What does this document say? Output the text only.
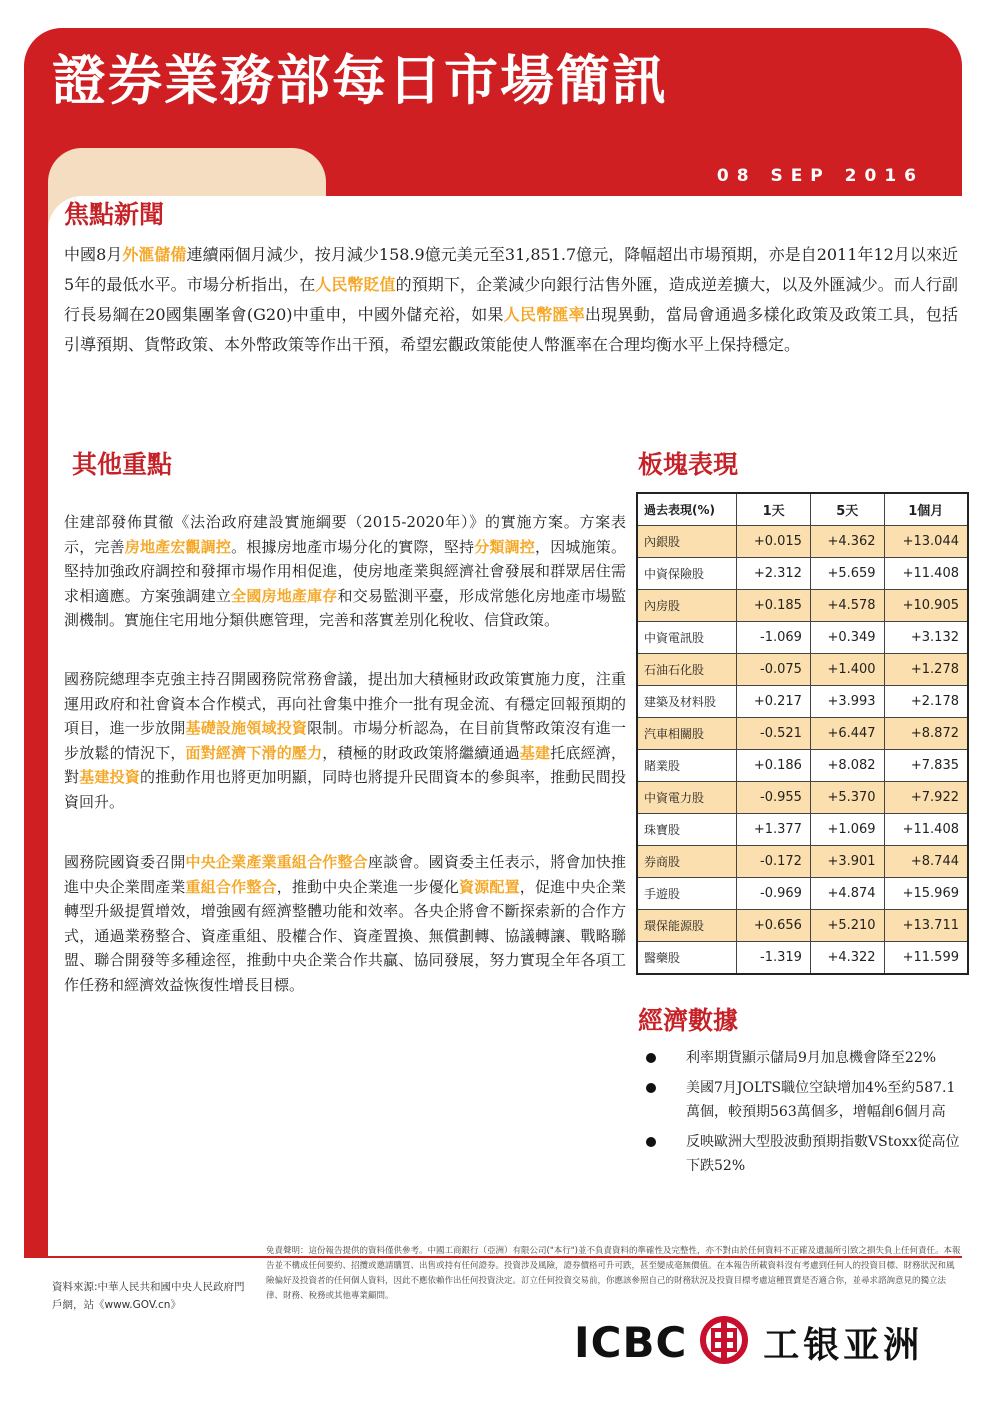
證券業務部每日市場簡訊
08 SEP 2016
焦點新聞

中國8月外滙儲備連續兩個月減少，按月減少158.9億元美元至31,851.7億元，降幅超出市場預期，亦是自2011年12月以來近5年的最低水平。市場分析指出，在人民幣貶值的預期下，企業減少向銀行沽售外匯，造成逆差擴大，以及外匯減少。而人行副行長易綱在20國集團峯會(G20)中重申，中國外儲充裕，如果人民幣匯率出現異動，當局會通過多樣化政策及政策工具，包括引導預期、貨幣政策、本外幣政策等作出干預，希望宏觀政策能使人幣滙率在合理均衡水平上保持穩定。

其他重點

住建部發佈貫徹《法治政府建設實施綱要（2015-2020年）》的實施方案。方案表示，完善房地產宏觀調控。根據房地產市場分化的實際，堅持分類調控，因城施策。堅持加強政府調控和發揮市場作用相促進，使房地產業與經濟社會發展和群眾居住需求相適應。方案強調建立全國房地產庫存和交易監測平臺，形成常態化房地產市場監測機制。實施住宅用地分類供應管理，完善和落實差別化稅收、信貸政策。

國務院總理李克強主持召開國務院常務會議，提出加大積極財政政策實施力度，注重運用政府和社會資本合作模式，再向社會集中推介一批有現金流、有穩定回報預期的項目，進一步放開基礎設施領域投資限制。市場分析認為，在目前貨幣政策沒有進一步放鬆的情況下，面對經濟下滑的壓力，積極的財政政策將繼續通過基建托底經濟，對基建投資的推動作用也將更加明顯，同時也將提升民間資本的參與率，推動民間投資回升。

國務院國資委召開中央企業產業重組合作整合座談會。國資委主任表示，將會加快推進中央企業間產業重組合作整合，推動中央企業進一步優化資源配置，促進中央企業轉型升級提質增效，增強國有經濟整體功能和效率。各央企將會不斷探索新的合作方式，通過業務整合、資產重組、股權合作、資產置換、無償劃轉、協議轉讓、戰略聯盟、聯合開發等多種途徑，推動中央企業合作共贏、協同發展，努力實現全年各項工作任務和經濟效益恢復性增長目標。

板塊表現
過去表現(%)	1天	5天	1個月
內銀股	+0.015	+4.362	+13.044
中資保險股	+2.312	+5.659	+11.408
內房股	+0.185	+4.578	+10.905
中資電訊股	-1.069	+0.349	+3.132
石油石化股	-0.075	+1.400	+1.278
建築及材料股	+0.217	+3.993	+2.178
汽車相關股	-0.521	+6.447	+8.872
賭業股	+0.186	+8.082	+7.835
中資電力股	-0.955	+5.370	+7.922
珠寶股	+1.377	+1.069	+11.408
券商股	-0.172	+3.901	+8.744
手遊股	-0.969	+4.874	+15.969
環保能源股	+0.656	+5.210	+13.711
醫藥股	-1.319	+4.322	+11.599
經濟數據
利率期貨顯示儲局9月加息機會降至22%
美國7月JOLTS職位空缺增加4%至約587.1萬個，較預期563萬個多，增幅創6個月高
反映歐洲大型股波動預期指數VStoxx從高位下跌52%

資料來源:中華人民共和國中央人民政府門戶網，站《www.GOV.cn》

免責聲明：這份報告提供的資料僅供參考。中國工商銀行（亞洲）有限公司("本行")並不負責資料的準確性及完整性，亦不對由於任何資料不正確及遺漏所引致之損失負上任何責任。本報告並不構成任何要約、招攬或邀請購買、出售或持有任何證券。投資涉及風險，證券價格可升可跌，甚至變成毫無價值。在本報告所載資料沒有考慮到任何人的投資目標、財務狀況和風險偏好及投資者的任何個人資料，因此不應依賴作出任何投資決定。訂立任何投資交易前，你應該參照自己的財務狀況及投資目標考慮這種買賣是否適合你，並尋求諮詢意見的獨立法律、財務、稅務或其他專業顧問。

ICBC 工银亚洲
